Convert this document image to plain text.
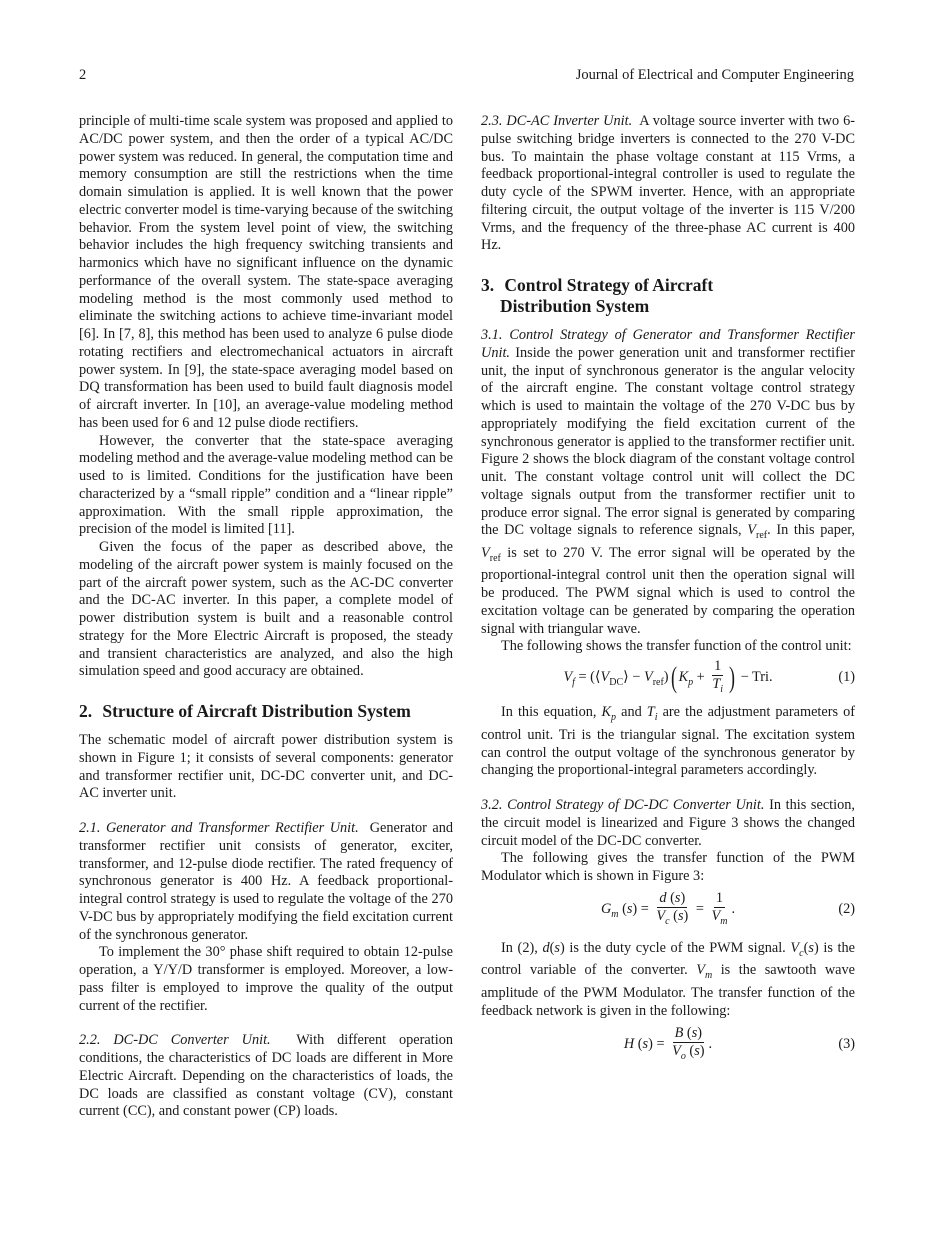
2	Journal of Electrical and Computer Engineering

principle of multi-time scale system was proposed and applied to AC/DC power system, and then the order of a typical AC/DC power system was reduced. In general, the computation time and memory consumption are still the restrictions when the time domain simulation is applied. It is well known that the power electric converter model is time-varying because of the switching behavior. From the system level point of view, the switching behavior includes the high frequency switching transients and harmonics which have no significant influence on the dynamic performance of the overall system. The state-space averaging modeling method is the most commonly used method to eliminate the switching actions to achieve time-invariant model [6]. In [7, 8], this method has been used to analyze 6 pulse diode rotating rectifiers and electromechanical actuators in aircraft power system. In [9], the state-space averaging model based on DQ transformation has been used to build fault diagnosis model of aircraft inverter. In [10], an average-value modeling method has been used for 6 and 12 pulse diode rectifiers.

However, the converter that the state-space averaging modeling method and the average-value modeling method can be used to is limited. Conditions for the justification have been characterized by a “small ripple” condition and a “linear ripple” approximation. With the small ripple approximation, the precision of the model is limited [11].

Given the focus of the paper as described above, the modeling of the aircraft power system is mainly focused on the part of the aircraft power system, such as the AC-DC converter and the DC-AC inverter. In this paper, a complete model of power distribution system is built and a reasonable control strategy for the More Electric Aircraft is proposed, the steady and transient characteristics are analyzed, and also the high simulation speed and good accuracy are obtained.

2. Structure of Aircraft Distribution System

The schematic model of aircraft power distribution system is shown in Figure 1; it consists of several components: generator and transformer rectifier unit, DC-DC converter unit, and DC-AC inverter unit.

2.1. Generator and Transformer Rectifier Unit. Generator and transformer rectifier unit consists of generator, exciter, transformer, and 12-pulse diode rectifier. The rated frequency of synchronous generator is 400 Hz. A feedback proportional-integral control strategy is used to regulate the voltage of the 270 V-DC bus by appropriately modifying the field excitation current of the synchronous generator.

To implement the 30° phase shift required to obtain 12-pulse operation, a Y/Y/D transformer is employed. Moreover, a low-pass filter is employed to improve the quality of the output current of the rectifier.

2.2. DC-DC Converter Unit. With different operation conditions, the characteristics of DC loads are different in More Electric Aircraft. Depending on the characteristics of loads, the DC loads are classified as constant voltage (CV), constant current (CC), and constant power (CP) loads.

2.3. DC-AC Inverter Unit. A voltage source inverter with two 6-pulse switching bridge inverters is connected to the 270 V-DC bus. To maintain the phase voltage constant at 115 Vrms, a feedback proportional-integral controller is used to regulate the duty cycle of the SPWM inverter. Hence, with an appropriate filtering circuit, the output voltage of the inverter is 115 V/200 Vrms, and the frequency of the three-phase AC current is 400 Hz.

3. Control Strategy of Aircraft
Distribution System

3.1. Control Strategy of Generator and Transformer Rectifier Unit. Inside the power generation unit and transformer rectifier unit, the input of synchronous generator is the angular velocity of the aircraft engine. The constant voltage control strategy which is used to maintain the voltage of the 270 V-DC bus by appropriately modifying the field excitation current of the synchronous generator is applied to the transformer rectifier unit. Figure 2 shows the block diagram of the constant voltage control unit. The constant voltage control unit will collect the DC voltage signals output from the transformer rectifier unit to produce error signal. The error signal is generated by comparing the DC voltage signals to reference signals, $V_{ref}$. In this paper, $V_{ref}$ is set to 270 V. The error signal will be operated by the proportional-integral control unit then the operation signal will be produced. The PWM signal which is used to control the excitation voltage can be generated by comparing the operation signal with triangular wave.

The following shows the transfer function of the control unit:

$V_f$ = $(⟨V_{DC}⟩ - V_{ref})$( $K_p + \frac{1}{T_i}$ ) − Tri.	(1)

In this equation, $K_p$ and $T_i$ are the adjustment parameters of control unit. Tri is the triangular signal. The excitation system can control the output voltage of the synchronous generator by changing the proportional-integral parameters accordingly.

3.2. Control Strategy of DC-DC Converter Unit. In this section, the circuit model is linearized and Figure 3 shows the changed circuit model of the DC-DC converter.

The following gives the transfer function of the PWM Modulator which is shown in Figure 3:

$G_m$ $(s) = \frac{d (s)}{V_c (s)} = \frac{1}{V_m}$ .	(2)

In (2), d(s) is the duty cycle of the PWM signal. $V_c(s)$ is the control variable of the converter. $V_m$ is the sawtooth wave amplitude of the PWM Modulator. The transfer function of the feedback network is given in the following:

H $(s) = \frac{B (s)}{V_o (s)}$ .	(3)
